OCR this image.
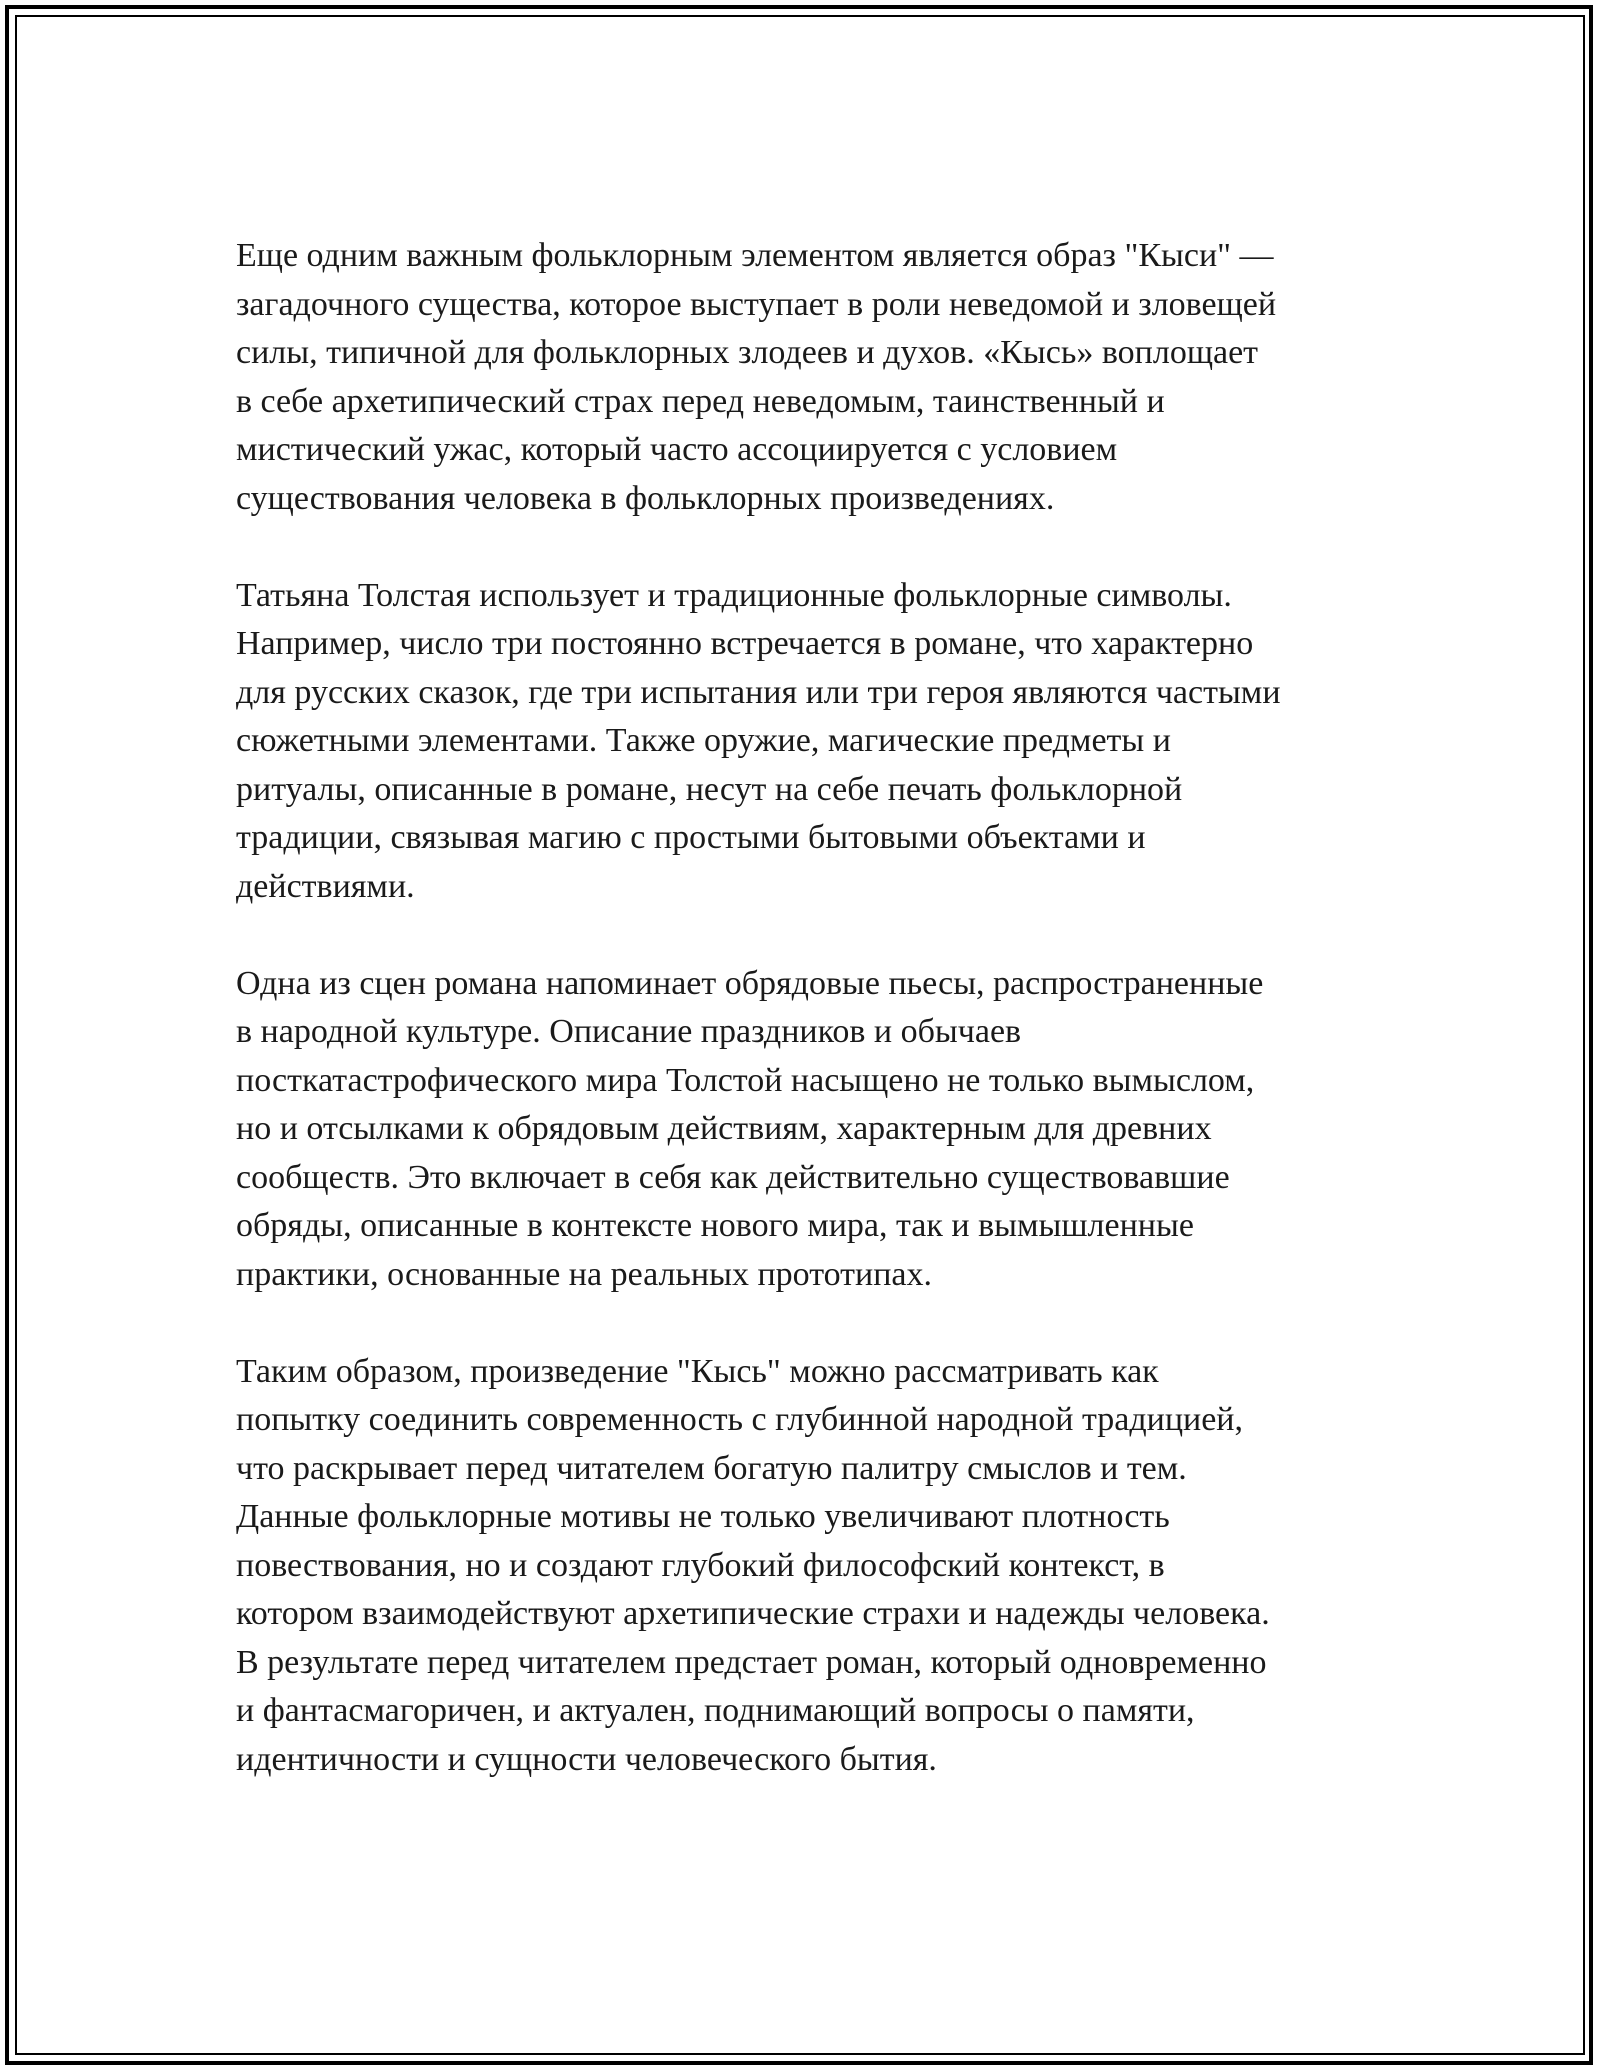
Еще одним важным фольклорным элементом является образ "Кыси" —
загадочного существа, которое выступает в роли неведомой и зловещей
силы, типичной для фольклорных злодеев и духов. «Кысь» воплощает
в себе архетипический страх перед неведомым, таинственный и
мистический ужас, который часто ассоциируется с условием
существования человека в фольклорных произведениях.

Татьяна Толстая использует и традиционные фольклорные символы.
Например, число три постоянно встречается в романе, что характерно
для русских сказок, где три испытания или три героя являются частыми
сюжетными элементами. Также оружие, магические предметы и
ритуалы, описанные в романе, несут на себе печать фольклорной
традиции, связывая магию с простыми бытовыми объектами и
действиями.

Одна из сцен романа напоминает обрядовые пьесы, распространенные
в народной культуре. Описание праздников и обычаев
посткатастрофического мира Толстой насыщено не только вымыслом,
но и отсылками к обрядовым действиям, характерным для древних
сообществ. Это включает в себя как действительно существовавшие
обряды, описанные в контексте нового мира, так и вымышленные
практики, основанные на реальных прототипах.

Таким образом, произведение "Кысь" можно рассматривать как
попытку соединить современность с глубинной народной традицией,
что раскрывает перед читателем богатую палитру смыслов и тем.
Данные фольклорные мотивы не только увеличивают плотность
повествования, но и создают глубокий философский контекст, в
котором взаимодействуют архетипические страхи и надежды человека.
В результате перед читателем предстает роман, который одновременно
и фантасмагоричен, и актуален, поднимающий вопросы о памяти,
идентичности и сущности человеческого бытия.
